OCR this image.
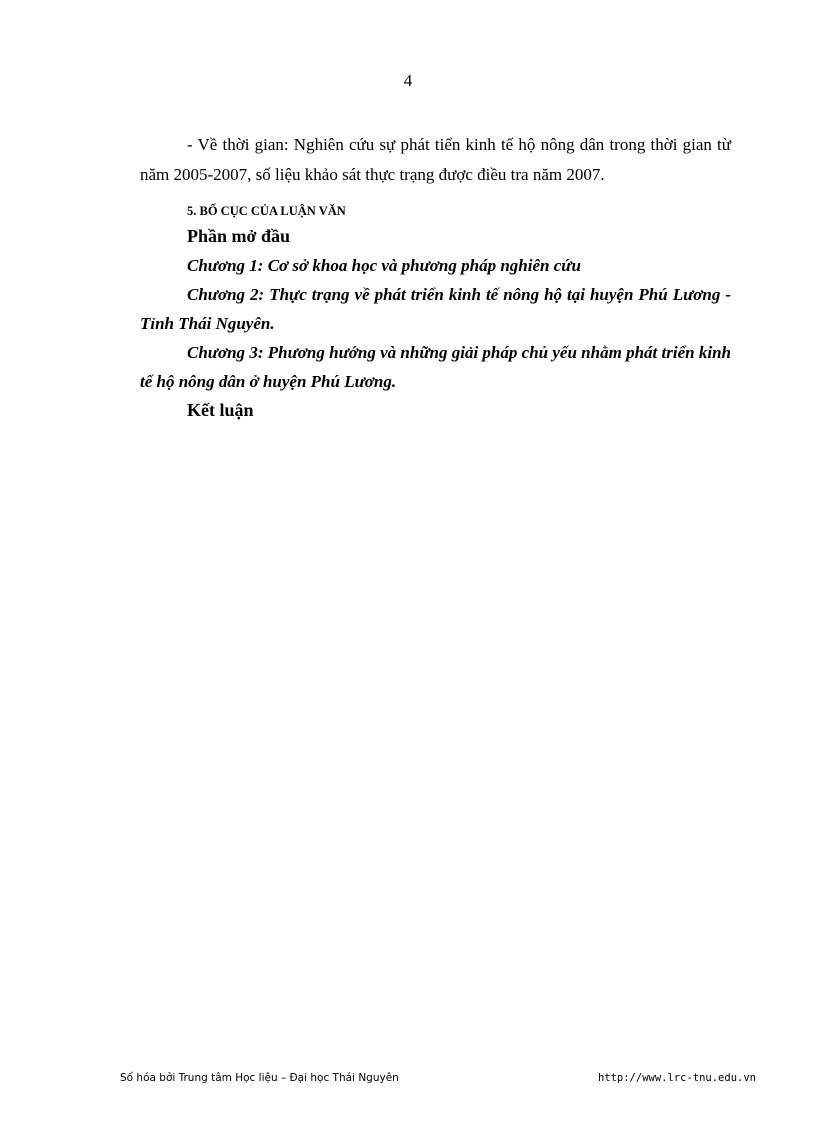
4

- Về thời gian: Nghiên cứu sự phát tiển kinh tế hộ nông dân trong thời gian từ năm 2005-2007, số liệu khảo sát thực trạng được điều tra năm 2007.

5. BỐ CỤC CỦA LUẬN VĂN

Phần mở đầu

Chương 1: Cơ sở khoa học và phương pháp nghiên cứu

Chương 2: Thực trạng về phát triển kinh tế nông hộ tại huyện Phú Lương - Tỉnh Thái Nguyên.

Chương 3: Phương hướng và những giải pháp chủ yếu nhằm phát triển kinh tế hộ nông dân ở huyện Phú Lương.

Kết luận

Số hóa bởi Trung tâm Học liệu – Đại học Thái Nguyên	http://www.lrc-tnu.edu.vn
